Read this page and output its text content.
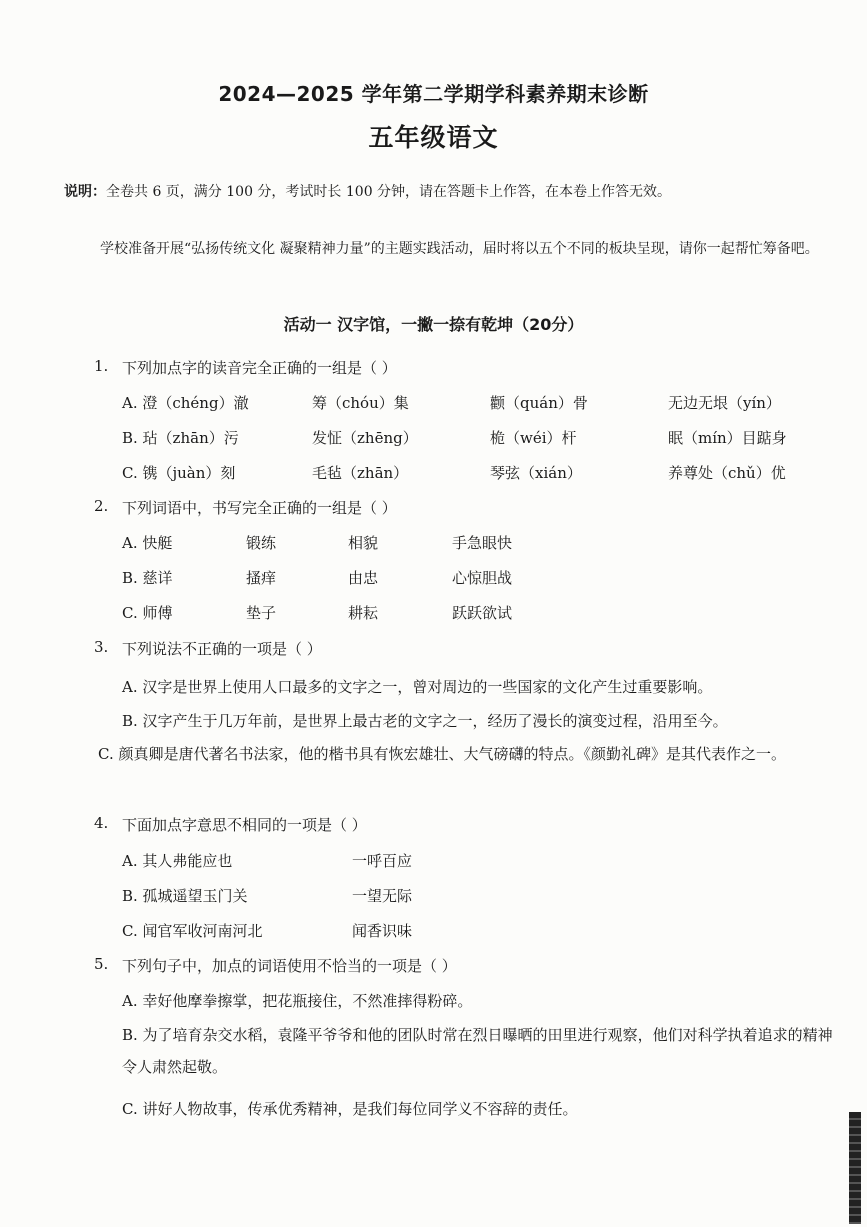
2024—2025 学年第二学期学科素养期末诊断
五年级语文
说明：全卷共 6 页，满分 100 分，考试时长 100 分钟，请在答题卡上作答，在本卷上作答无效。
学校准备开展“弘扬传统文化 凝聚精神力量”的主题实践活动，届时将以五个不同的板块呈现，请你一起帮忙筹备吧。
活动一 汉字馆，一撇一捺有乾坤（20分）
1. 下列加点字的读音完全正确的一组是（ ）
A. 澄（chéng）澈	筹（chóu）集	颧（quán）骨	无边无垠（yín）
B. 玷（zhān）污	发怔（zhēng）	桅（wéi）杆	眠（mín）目踮身
C. 镌（juàn）刻	毛毡（zhān）	琴弦（xián）	养尊处（chǔ）优
2. 下列词语中，书写完全正确的一组是（ ）
A. 快艇	锻练	相貌	手急眼快
B. 慈详	搔痒	由忠	心惊胆战
C. 师傅	垫子	耕耘	跃跃欲试
3. 下列说法不正确的一项是（ ）
A. 汉字是世界上使用人口最多的文字之一，曾对周边的一些国家的文化产生过重要影响。
B. 汉字产生于几万年前，是世界上最古老的文字之一，经历了漫长的演变过程，沿用至今。
C. 颜真卿是唐代著名书法家，他的楷书具有恢宏雄壮、大气磅礴的特点。《颜勤礼碑》是其代表作之一。
4. 下面加点字意思不相同的一项是（ ）
A. 其人弗能应也	一呼百应
B. 孤城遥望玉门关	一望无际
C. 闻官军收河南河北	闻香识味
5. 下列句子中，加点的词语使用不恰当的一项是（ ）
A. 幸好他摩拳擦掌，把花瓶接住，不然准摔得粉碎。
B. 为了培育杂交水稻，袁隆平爷爷和他的团队时常在烈日曝晒的田里进行观察，他们对科学执着追求的精神令人肃然起敬。
C. 讲好人物故事，传承优秀精神，是我们每位同学义不容辞的责任。
